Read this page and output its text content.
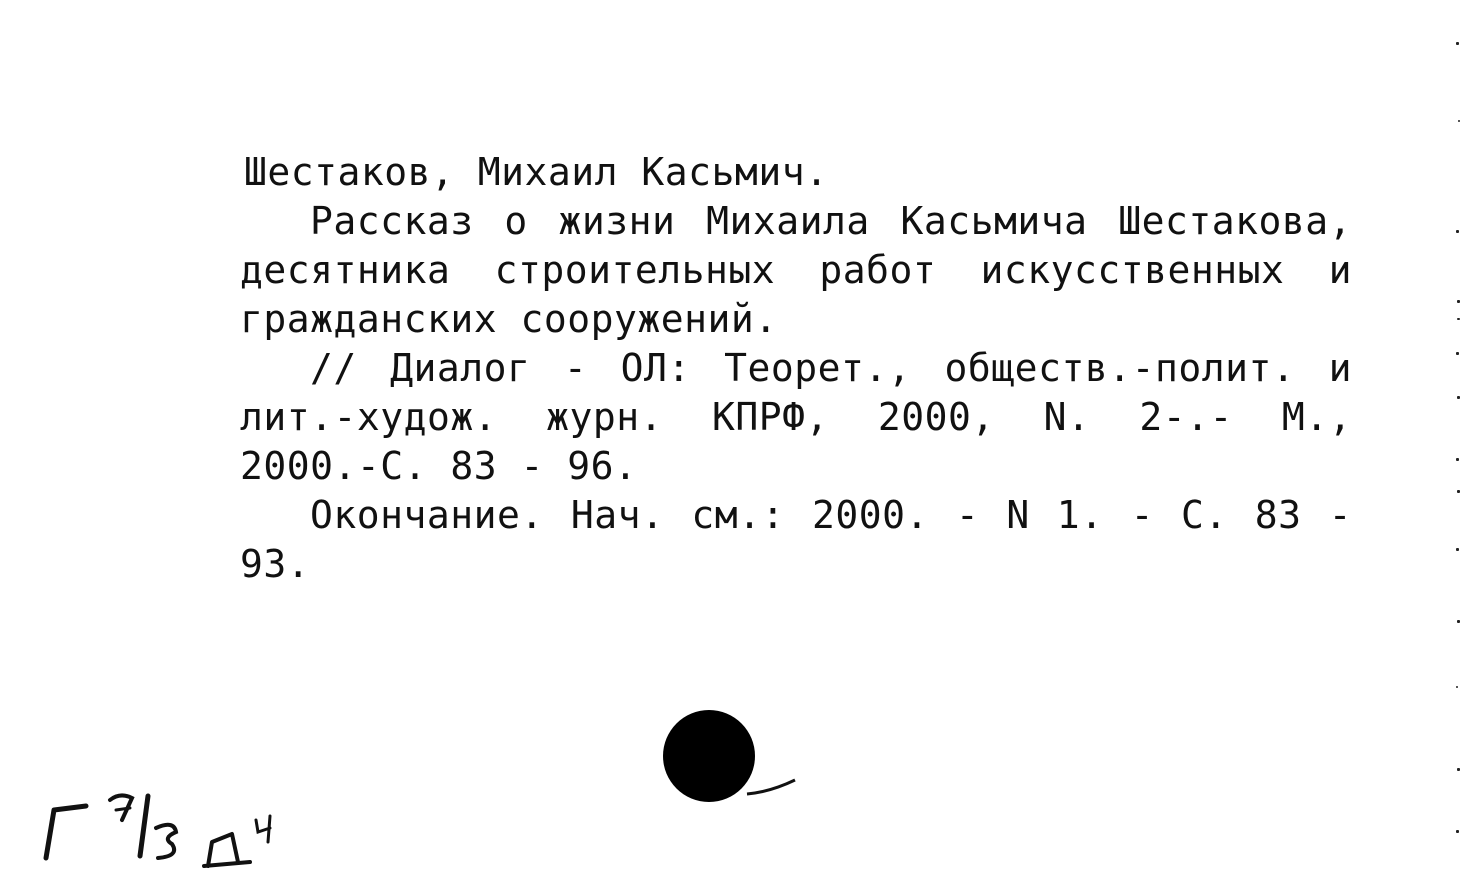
Шестаков, Михаил Касьмич.

Рассказ о жизни Михаила Касьмича Шестакова, десятника строительных работ искусственных и гражданских сооружений.

// Диалог - ОЛ: Теорет., обществ.-полит. и лит.-худож. журн. КПРФ, 2000, N. 2-.- М., 2000.-С. 83 - 96.

Окончание. Нач. см.: 2000. - N 1. - С. 83 - 93.
